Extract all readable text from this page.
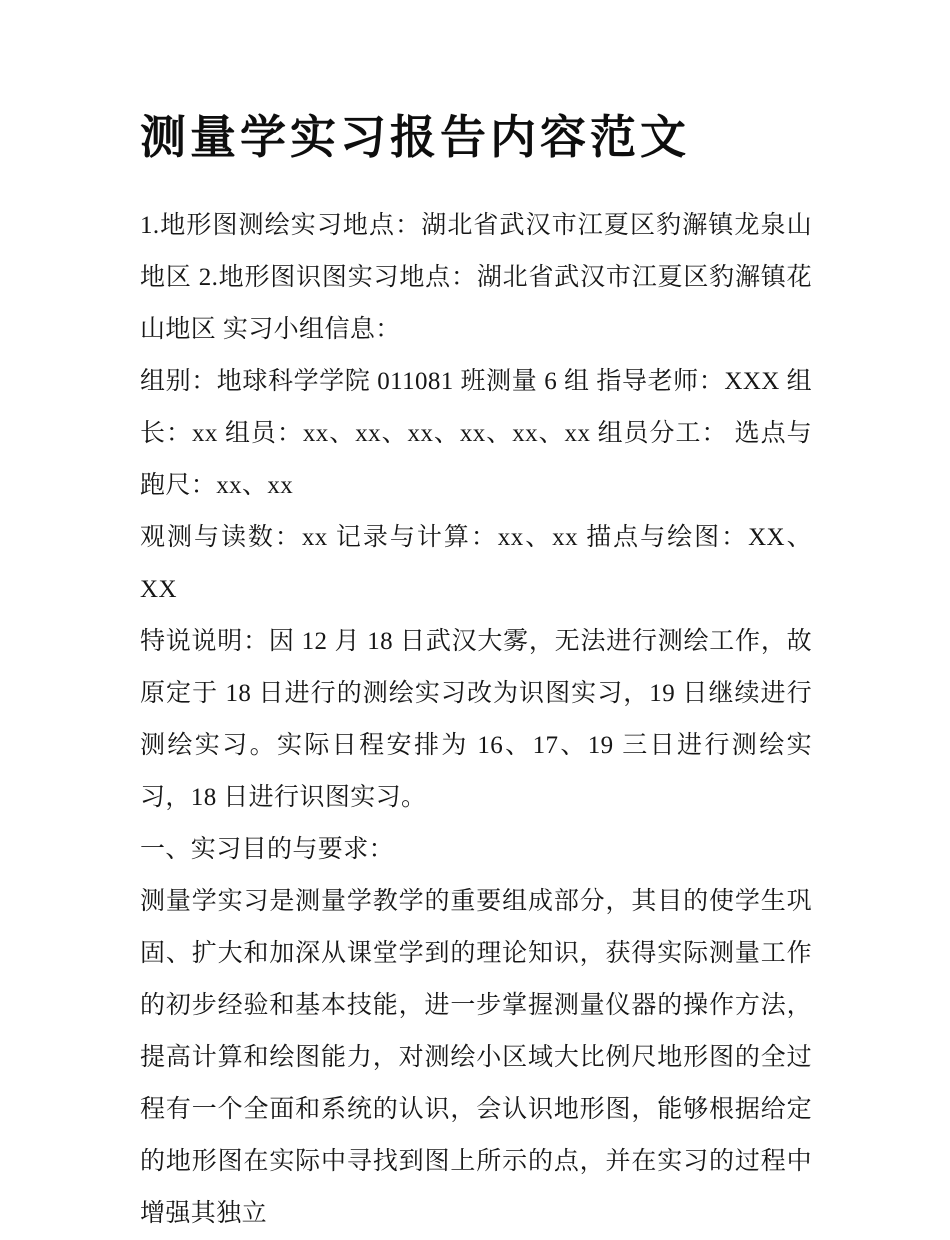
测量学实习报告内容范文

1.地形图测绘实习地点：湖北省武汉市江夏区豹澥镇龙泉山地区 2.地形图识图实习地点：湖北省武汉市江夏区豹澥镇花山地区 实习小组信息：

组别：地球科学学院 011081 班测量 6 组 指导老师：XXX 组长：xx 组员：xx、xx、xx、xx、xx、xx 组员分工： 选点与跑尺：xx、xx

观测与读数：xx 记录与计算：xx、xx 描点与绘图：XX、XX

特说说明：因 12 月 18 日武汉大雾，无法进行测绘工作，故原定于 18 日进行的测绘实习改为识图实习，19 日继续进行测绘实习。实际日程安排为 16、17、19 三日进行测绘实习，18 日进行识图实习。

一、实习目的与要求：

测量学实习是测量学教学的重要组成部分，其目的使学生巩固、扩大和加深从课堂学到的理论知识，获得实际测量工作的初步经验和基本技能，进一步掌握测量仪器的操作方法，提高计算和绘图能力，对测绘小区域大比例尺地形图的全过程有一个全面和系统的认识，会认识地形图，能够根据给定的地形图在实际中寻找到图上所示的点，并在实习的过程中增强其独立
